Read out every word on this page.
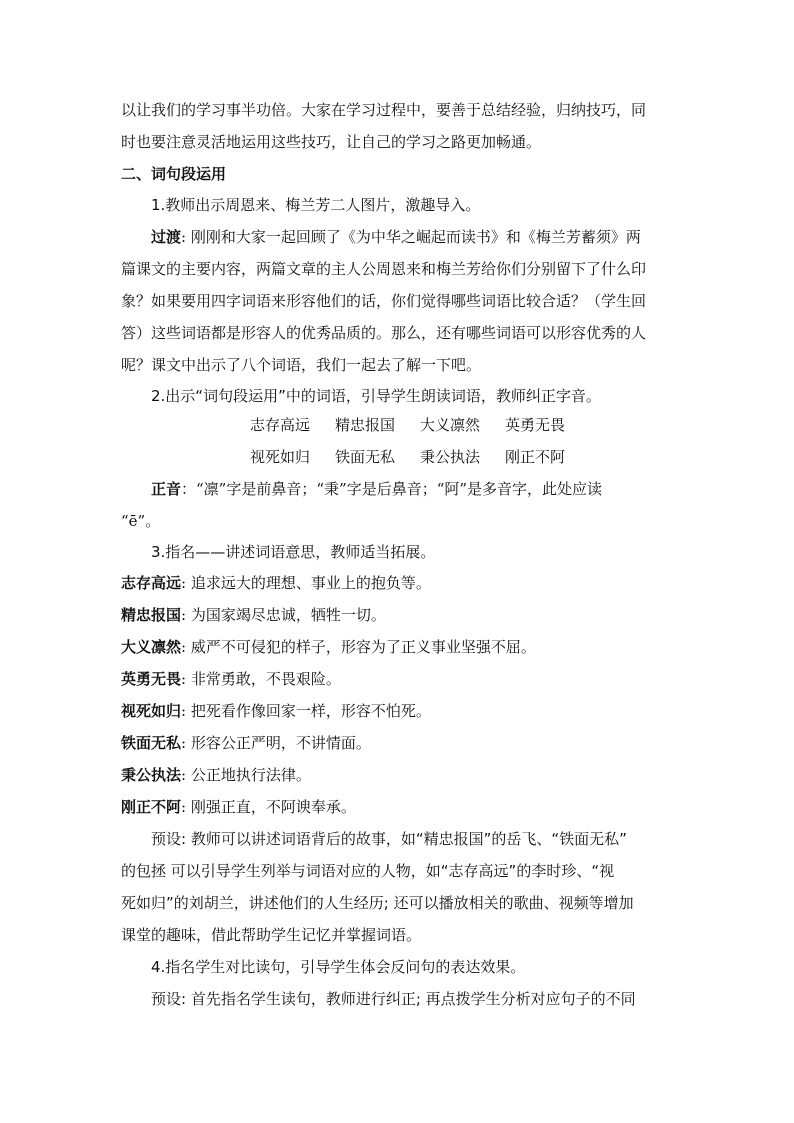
以让我们的学习事半功倍。大家在学习过程中，要善于总结经验，归纳技巧，同
时也要注意灵活地运用这些技巧，让自己的学习之路更加畅通。
二、词句段运用
1.教师出示周恩来、梅兰芳二人图片，激趣导入。
过渡: 刚刚和大家一起回顾了《为中华之崛起而读书》和《梅兰芳蓄须》两
篇课文的主要内容，两篇文章的主人公周恩来和梅兰芳给你们分别留下了什么印
象？如果要用四字词语来形容他们的话，你们觉得哪些词语比较合适？（学生回
答）这些词语都是形容人的优秀品质的。那么，还有哪些词语可以形容优秀的人
呢？课文中出示了八个词语，我们一起去了解一下吧。
2.出示“词句段运用”中的词语，引导学生朗读词语，教师纠正字音。
志存高远 精忠报国 大义凛然 英勇无畏
视死如归 铁面无私 秉公执法 刚正不阿
正音：“凛”字是前鼻音；“秉”字是后鼻音；“阿”是多音字，此处应读
“ē”。
3.指名——讲述词语意思，教师适当拓展。
志存高远: 追求远大的理想、事业上的抱负等。
精忠报国: 为国家竭尽忠诚，牺牲一切。
大义凛然: 威严不可侵犯的样子，形容为了正义事业坚强不屈。
英勇无畏: 非常勇敢，不畏艰险。
视死如归: 把死看作像回家一样，形容不怕死。
铁面无私: 形容公正严明，不讲情面。
秉公执法: 公正地执行法律。
刚正不阿: 刚强正直，不阿谀奉承。
预设: 教师可以讲述词语背后的故事，如“精忠报国”的岳飞、“铁面无私”
的包拯 可以引导学生列举与词语对应的人物，如“志存高远”的李时珍、“视
死如归”的刘胡兰，讲述他们的人生经历; 还可以播放相关的歌曲、视频等增加
课堂的趣味，借此帮助学生记忆并掌握词语。
4.指名学生对比读句，引导学生体会反问句的表达效果。
预设: 首先指名学生读句，教师进行纠正; 再点拨学生分析对应句子的不同
